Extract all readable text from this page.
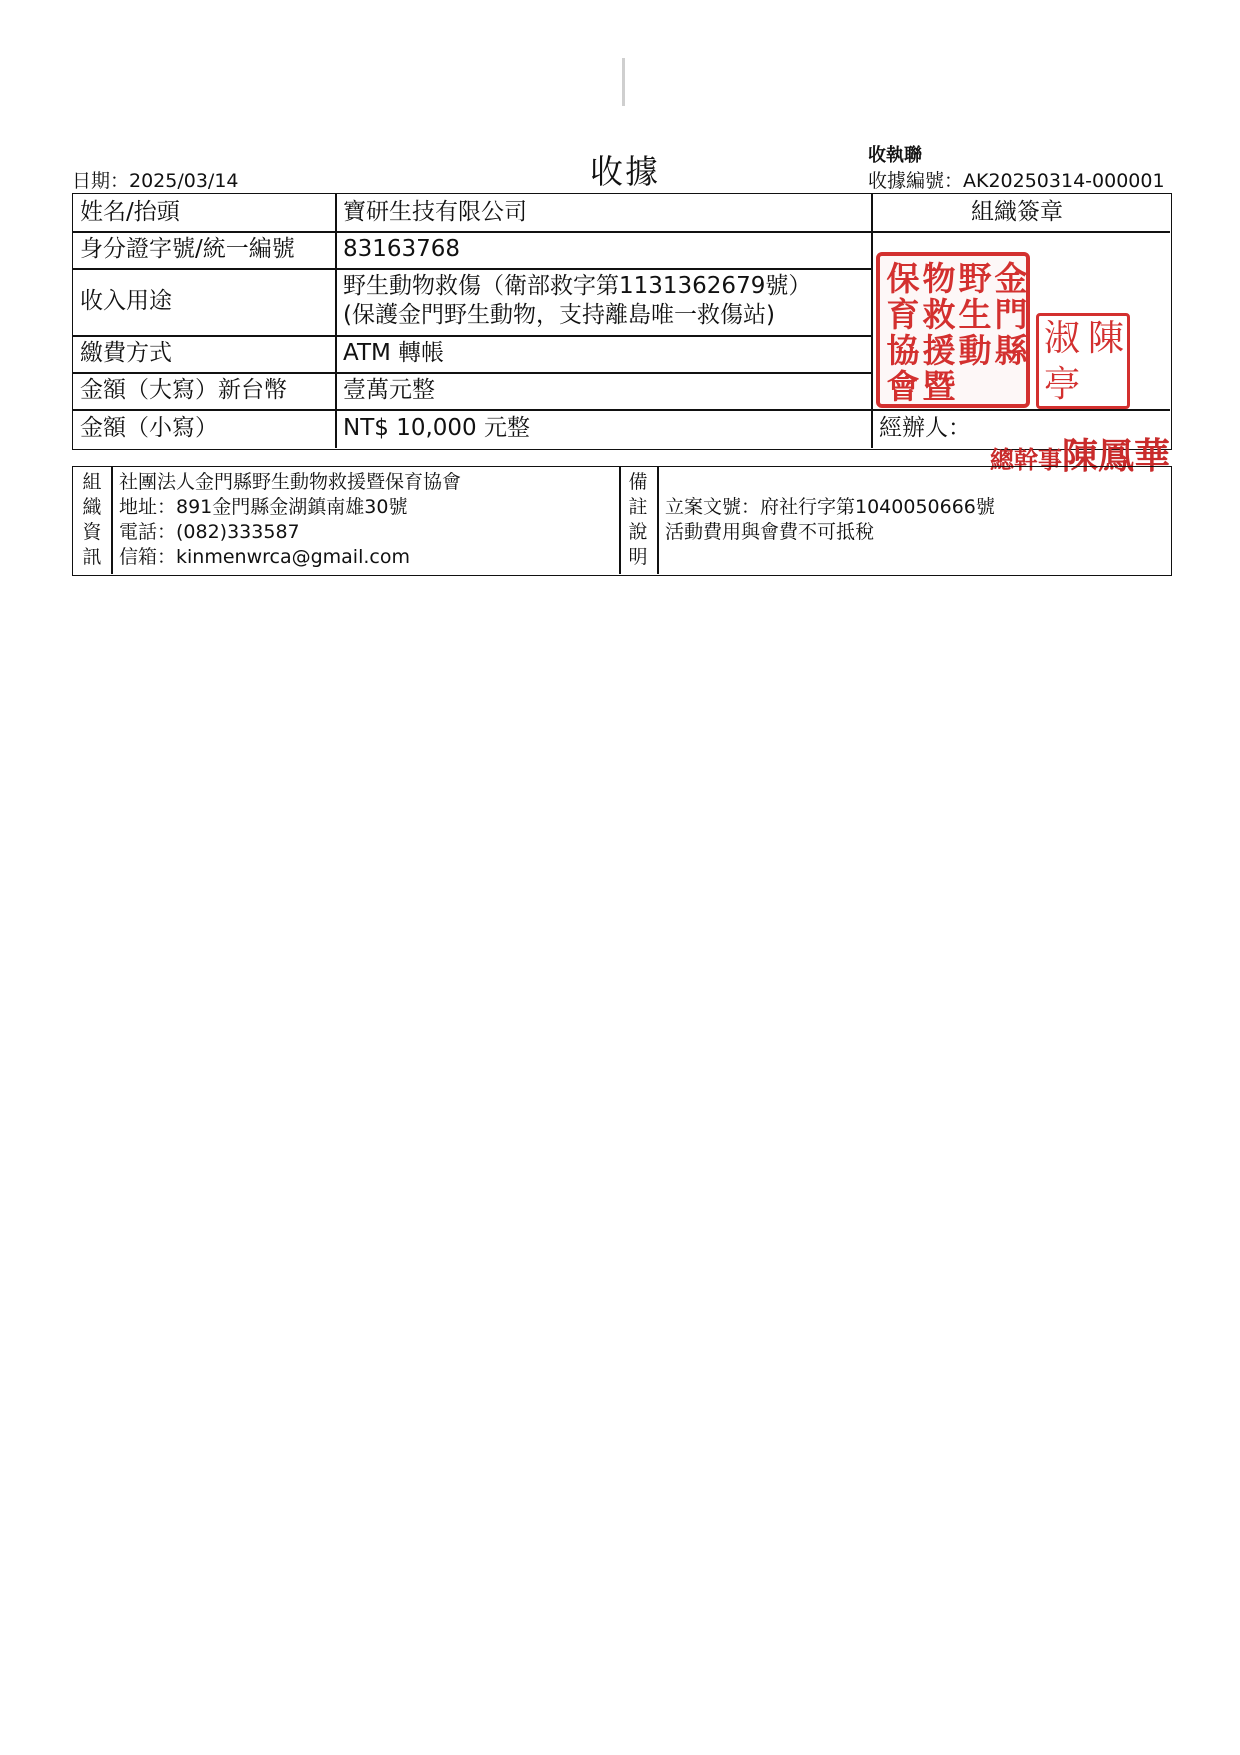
日期：2025/03/14	收據	收執聯
收據編號：AK20250314-000001
姓名/抬頭
身分證字號/統一編號
收入用途
繳費方式
金額（大寫）新台幣
金額（小寫）
寶研生技有限公司
83163768
野生動物救傷（衛部救字第1131362679號）
(保護金門野生動物，支持離島唯一救傷站)
ATM 轉帳
壹萬元整
NT$ 10,000 元整
組織簽章
經辦人：
保 物 野 金
育 救 生 門
協 援 動 縣
會 暨
淑 陳
亭
總幹事陳鳳華
組
織
資
訊
社團法人金門縣野生動物救援暨保育協會
地址：891金門縣金湖鎮南雄30號
電話：(082)333587
信箱：kinmenwrca@gmail.com
備
註
說
明
立案文號：府社行字第1040050666號
活動費用與會費不可抵稅
